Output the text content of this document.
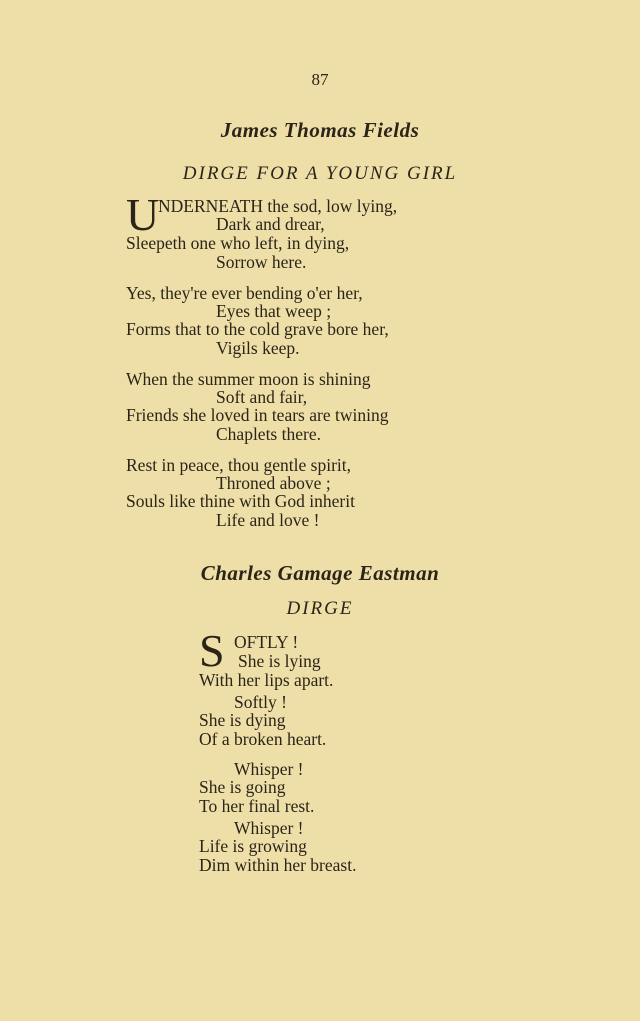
87
James Thomas Fields
DIRGE FOR A YOUNG GIRL
U
NDERNEATH the sod, low lying,
Dark and drear,
Sleepeth one who left, in dying,
Sorrow here.
Yes, they're ever bending o'er her,
Eyes that weep ;
Forms that to the cold grave bore her,
Vigils keep.
When the summer moon is shining
Soft and fair,
Friends she loved in tears are twining
Chaplets there.
Rest in peace, thou gentle spirit,
Throned above ;
Souls like thine with God inherit
Life and love !
Charles Gamage Eastman
DIRGE
S OFTLY !
She is lying
With her lips apart.
Softly !
She is dying
Of a broken heart.
Whisper !
She is going
To her final rest.
Whisper !
Life is growing
Dim within her breast.
